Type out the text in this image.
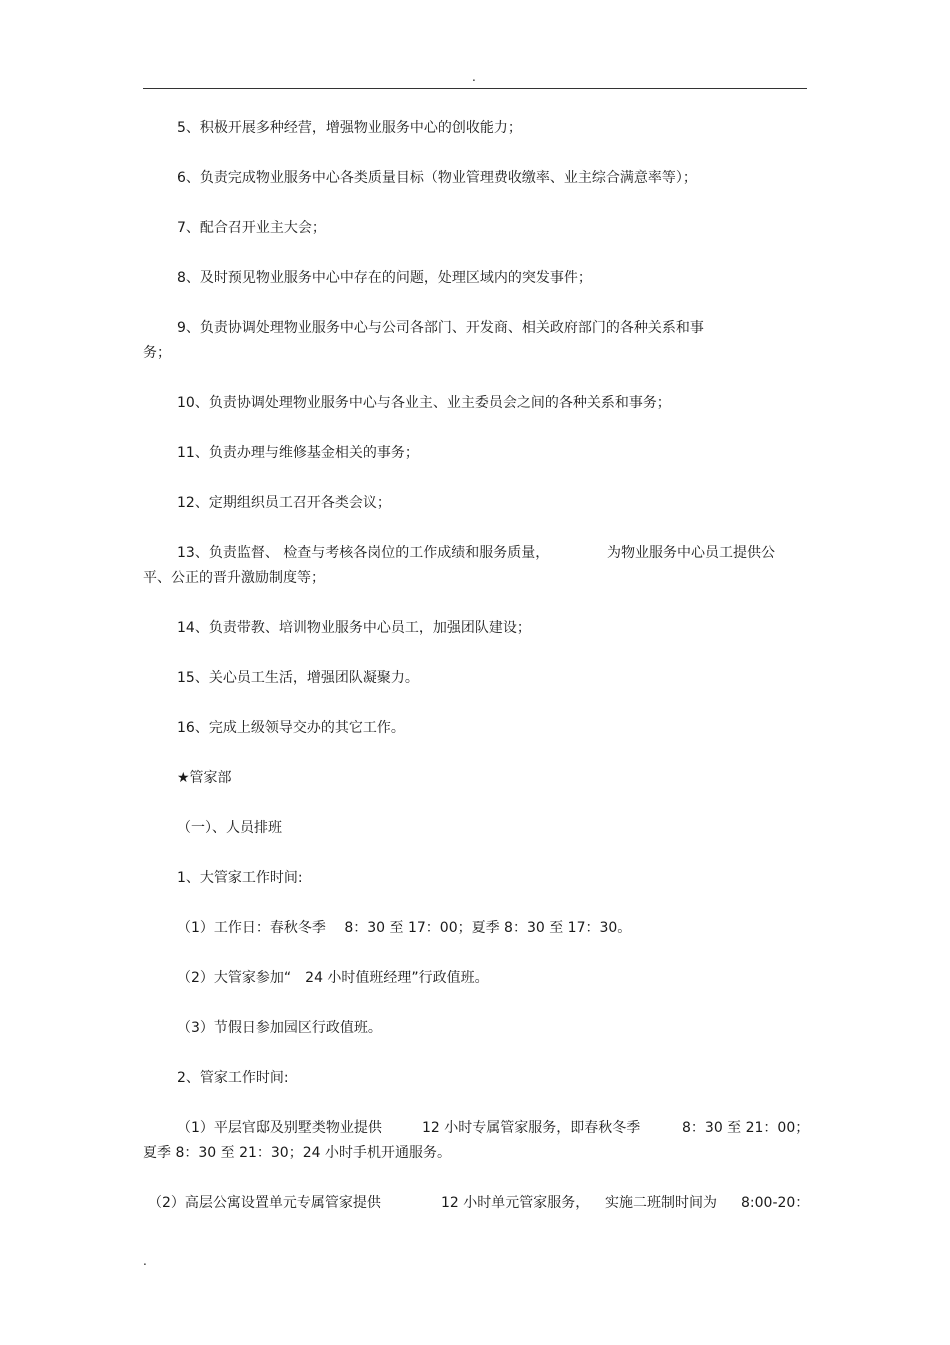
.

5、积极开展多种经营，增强物业服务中心的创收能力；

6、负责完成物业服务中心各类质量目标（物业管理费收缴率、业主综合满意率等）；

7、配合召开业主大会；

8、及时预见物业服务中心中存在的问题，处理区域内的突发事件；

9、负责协调处理物业服务中心与公司各部门、开发商、相关政府部门的各种关系和事

务；

10、负责协调处理物业服务中心与各业主、业主委员会之间的各种关系和事务；

11、负责办理与维修基金相关的事务；

12、定期组织员工召开各类会议；

13、负责监督、 检查与考核各岗位的工作成绩和服务质量，	为物业服务中心员工提供公

平、公正的晋升激励制度等；

14、负责带教、培训物业服务中心员工，加强团队建设；

15、关心员工生活，增强团队凝聚力。

16、完成上级领导交办的其它工作。

★管家部

（一）、人员排班

1、大管家工作时间:

（1）工作日：春秋冬季　 8：30 至 17：00；夏季 8：30 至 17：30。

（2）大管家参加“　24 小时值班经理”行政值班。

（3）节假日参加园区行政值班。

2、管家工作时间:

（1）平层官邸及别墅类物业提供	12 小时专属管家服务，即春秋冬季	8：30 至 21：00；

夏季 8：30 至 21：30；24 小时手机开通服务。

（2）高层公寓设置单元专属管家提供	12 小时单元管家服务， 实施二班制时间为 8:00-20：

.
